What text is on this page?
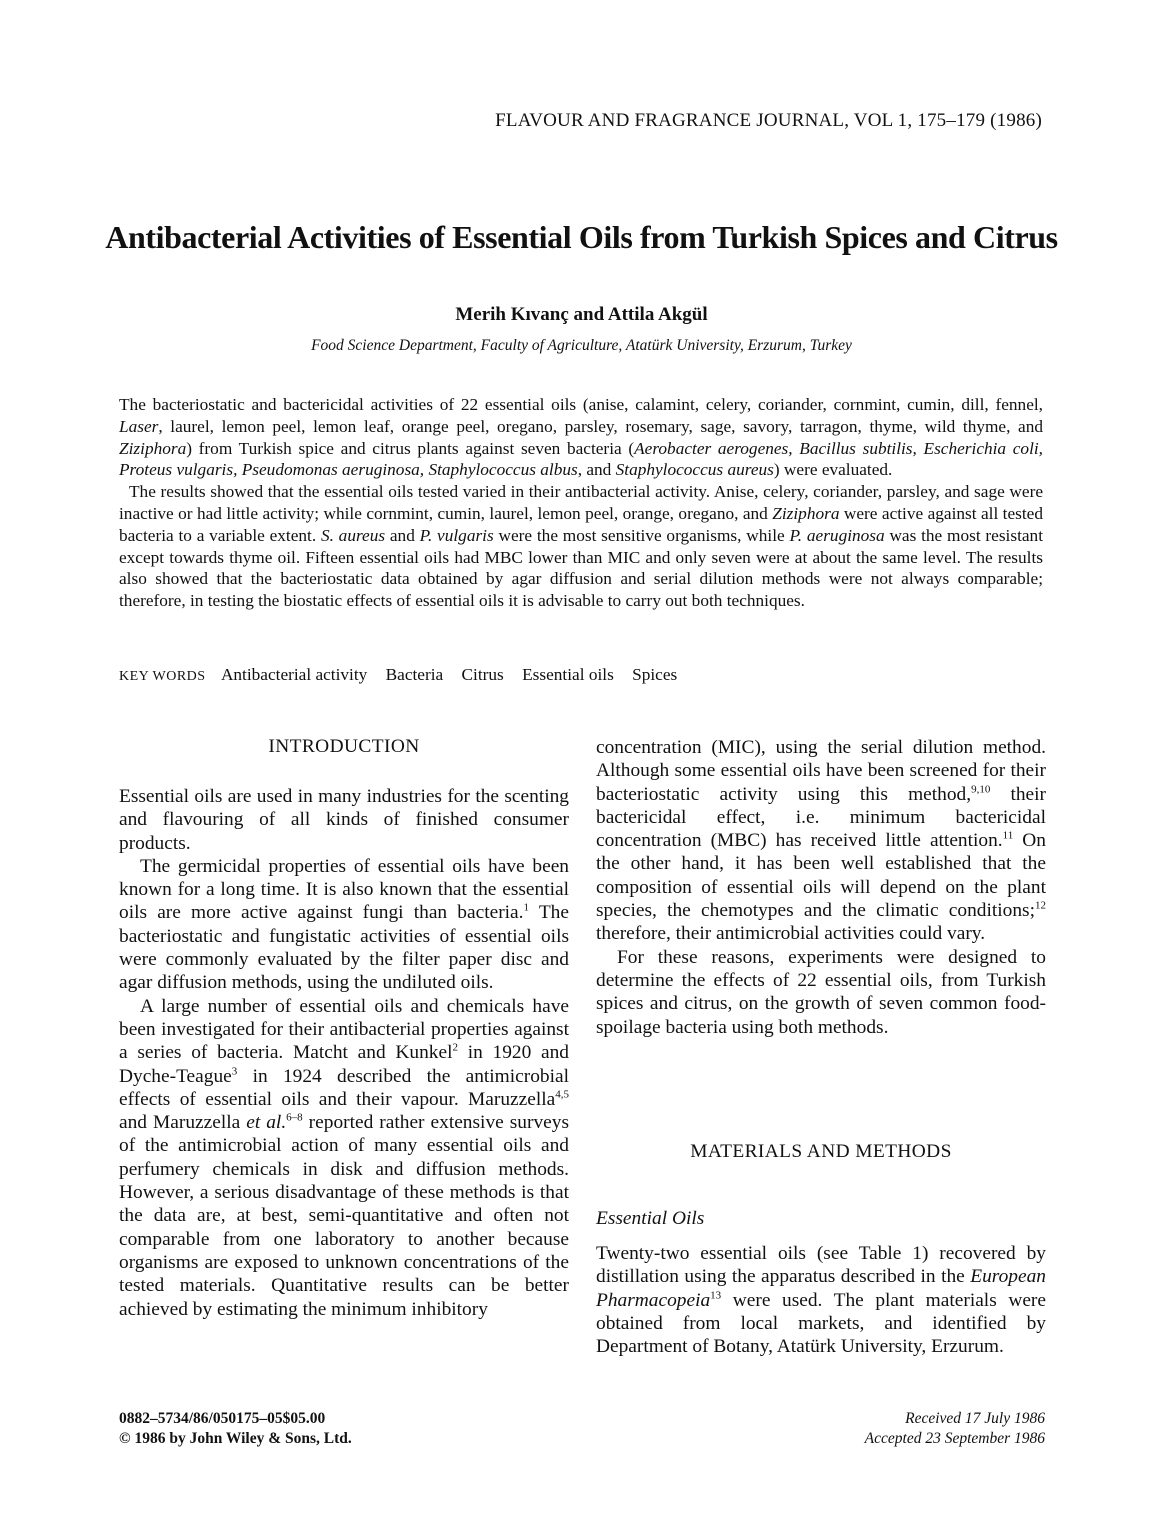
FLAVOUR AND FRAGRANCE JOURNAL, VOL 1, 175–179 (1986)
Antibacterial Activities of Essential Oils from Turkish Spices and Citrus
Merih Kıvanç and Attila Akgül
Food Science Department, Faculty of Agriculture, Atatürk University, Erzurum, Turkey

The bacteriostatic and bactericidal activities of 22 essential oils (anise, calamint, celery, coriander, cornmint, cumin, dill, fennel, Laser, laurel, lemon peel, lemon leaf, orange peel, oregano, parsley, rosemary, sage, savory, tarragon, thyme, wild thyme, and Ziziphora) from Turkish spice and citrus plants against seven bacteria (Aerobacter aerogenes, Bacillus subtilis, Escherichia coli, Proteus vulgaris, Pseudomonas aeruginosa, Staphylococcus albus, and Staphylococcus aureus) were evaluated.

The results showed that the essential oils tested varied in their antibacterial activity. Anise, celery, coriander, parsley, and sage were inactive or had little activity; while cornmint, cumin, laurel, lemon peel, orange, oregano, and Ziziphora were active against all tested bacteria to a variable extent. S. aureus and P. vulgaris were the most sensitive organisms, while P. aeruginosa was the most resistant except towards thyme oil. Fifteen essential oils had MBC lower than MIC and only seven were at about the same level. The results also showed that the bacteriostatic data obtained by agar diffusion and serial dilution methods were not always comparable; therefore, in testing the biostatic effects of essential oils it is advisable to carry out both techniques.

KEY WORDS Antibacterial activity Bacteria Citrus Essential oils Spices
INTRODUCTION

Essential oils are used in many industries for the scenting and flavouring of all kinds of finished consumer products.

The germicidal properties of essential oils have been known for a long time. It is also known that the essential oils are more active against fungi than bacteria.$^1$ The bacteriostatic and fungistatic activities of essential oils were commonly evaluated by the filter paper disc and agar diffusion methods, using the undiluted oils.

A large number of essential oils and chemicals have been investigated for their antibacterial properties against a series of bacteria. Matcht and Kunkel$^2$ in 1920 and Dyche-Teague$^3$ in 1924 described the antimicrobial effects of essential oils and their vapour. Maruzzella$^{4,5}$ and Maruzzella et al.$^{6-8}$ reported rather extensive surveys of the antimicrobial action of many essential oils and perfumery chemicals in disk and diffusion methods. However, a serious disadvantage of these methods is that the data are, at best, semi-quantitative and often not comparable from one laboratory to another because organisms are exposed to unknown concentrations of the tested materials. Quantitative results can be better achieved by estimating the minimum inhibitory

concentration (MIC), using the serial dilution method. Although some essential oils have been screened for their bacteriostatic activity using this method,$^{9,10}$ their bactericidal effect, i.e. minimum bactericidal concentration (MBC) has received little attention.$^{11}$ On the other hand, it has been well established that the composition of essential oils will depend on the plant species, the chemotypes and the climatic conditions;$^{12}$ therefore, their antimicrobial activities could vary.

For these reasons, experiments were designed to determine the effects of 22 essential oils, from Turkish spices and citrus, on the growth of seven common food-spoilage bacteria using both methods.

MATERIALS AND METHODS
Essential Oils

Twenty-two essential oils (see Table 1) recovered by distillation using the apparatus described in the European Pharmacopeia$^{13}$ were used. The plant materials were obtained from local markets, and identified by Department of Botany, Atatürk University, Erzurum.

0882–5734/86/050175–05$05.00
© 1986 by John Wiley & Sons, Ltd.
Received 17 July 1986
Accepted 23 September 1986
